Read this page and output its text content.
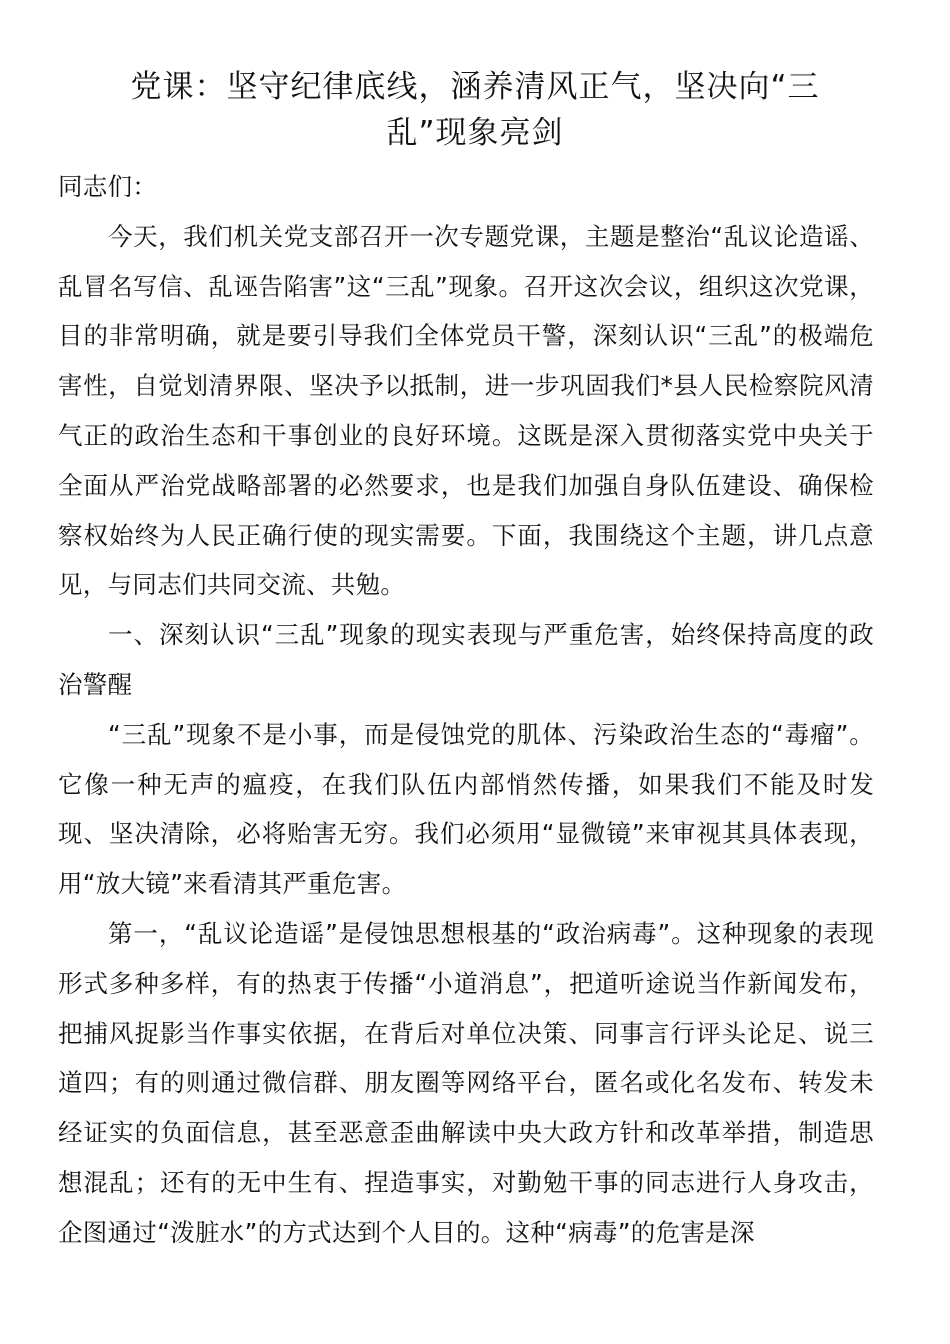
党课：坚守纪律底线，涵养清风正气，坚决向“三
乱”现象亮剑

同志们：

今天，我们机关党支部召开一次专题党课，主题是整治“乱议论造谣、乱冒名写信、乱诬告陷害”这“三乱”现象。召开这次会议，组织这次党课，目的非常明确，就是要引导我们全体党员干警，深刻认识“三乱”的极端危害性，自觉划清界限、坚决予以抵制，进一步巩固我们*县人民检察院风清气正的政治生态和干事创业的良好环境。这既是深入贯彻落实党中央关于全面从严治党战略部署的必然要求，也是我们加强自身队伍建设、确保检察权始终为人民正确行使的现实需要。下面，我围绕这个主题，讲几点意见，与同志们共同交流、共勉。

一、深刻认识“三乱”现象的现实表现与严重危害，始终保持高度的政治警醒

“三乱”现象不是小事，而是侵蚀党的肌体、污染政治生态的“毒瘤”。它像一种无声的瘟疫，在我们队伍内部悄然传播，如果我们不能及时发现、坚决清除，必将贻害无穷。我们必须用“显微镜”来审视其具体表现，用“放大镜”来看清其严重危害。

第一，“乱议论造谣”是侵蚀思想根基的“政治病毒”。这种现象的表现形式多种多样，有的热衷于传播“小道消息”，把道听途说当作新闻发布，把捕风捉影当作事实依据，在背后对单位决策、同事言行评头论足、说三道四；有的则通过微信群、朋友圈等网络平台，匿名或化名发布、转发未经证实的负面信息，甚至恶意歪曲解读中央大政方针和改革举措，制造思想混乱；还有的无中生有、捏造事实，对勤勉干事的同志进行人身攻击，企图通过“泼脏水”的方式达到个人目的。这种“病毒”的危害是深
